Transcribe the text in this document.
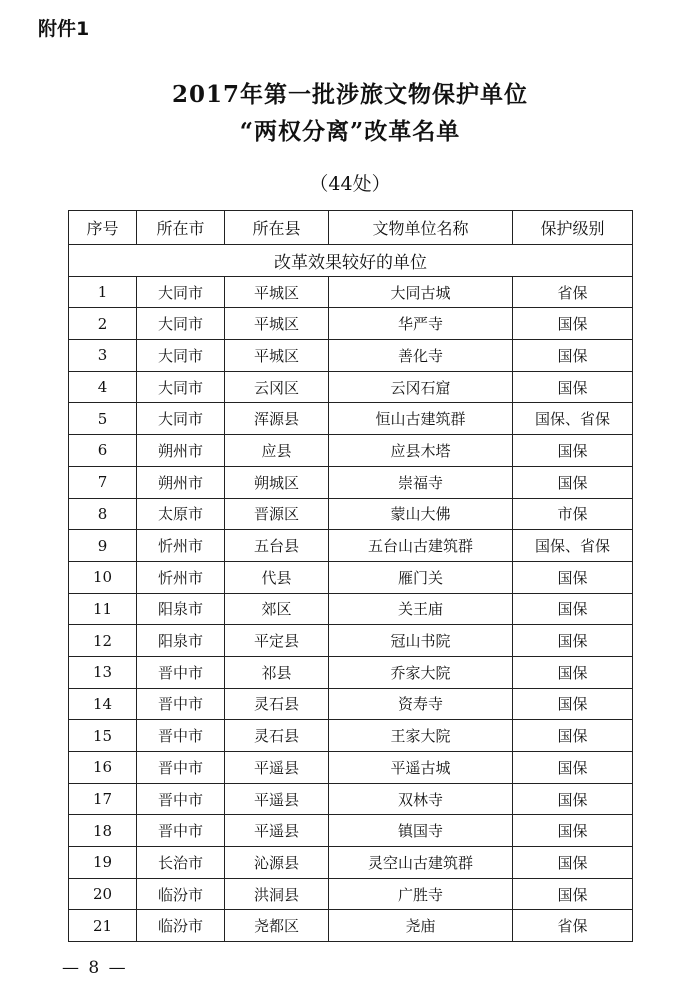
附件1
2017年第一批涉旅文物保护单位
“两权分离”改革名单
（44处）
序号	所在市	所在县	文物单位名称	保护级别
改革效果较好的单位				
1	大同市	平城区	大同古城	省保
2	大同市	平城区	华严寺	国保
3	大同市	平城区	善化寺	国保
4	大同市	云冈区	云冈石窟	国保
5	大同市	浑源县	恒山古建筑群	国保、省保
6	朔州市	应县	应县木塔	国保
7	朔州市	朔城区	崇福寺	国保
8	太原市	晋源区	蒙山大佛	市保
9	忻州市	五台县	五台山古建筑群	国保、省保
10	忻州市	代县	雁门关	国保
11	阳泉市	郊区	关王庙	国保
12	阳泉市	平定县	冠山书院	国保
13	晋中市	祁县	乔家大院	国保
14	晋中市	灵石县	资寿寺	国保
15	晋中市	灵石县	王家大院	国保
16	晋中市	平遥县	平遥古城	国保
17	晋中市	平遥县	双林寺	国保
18	晋中市	平遥县	镇国寺	国保
19	长治市	沁源县	灵空山古建筑群	国保
20	临汾市	洪洞县	广胜寺	国保
21	临汾市	尧都区	尧庙	省保
— 8 —
